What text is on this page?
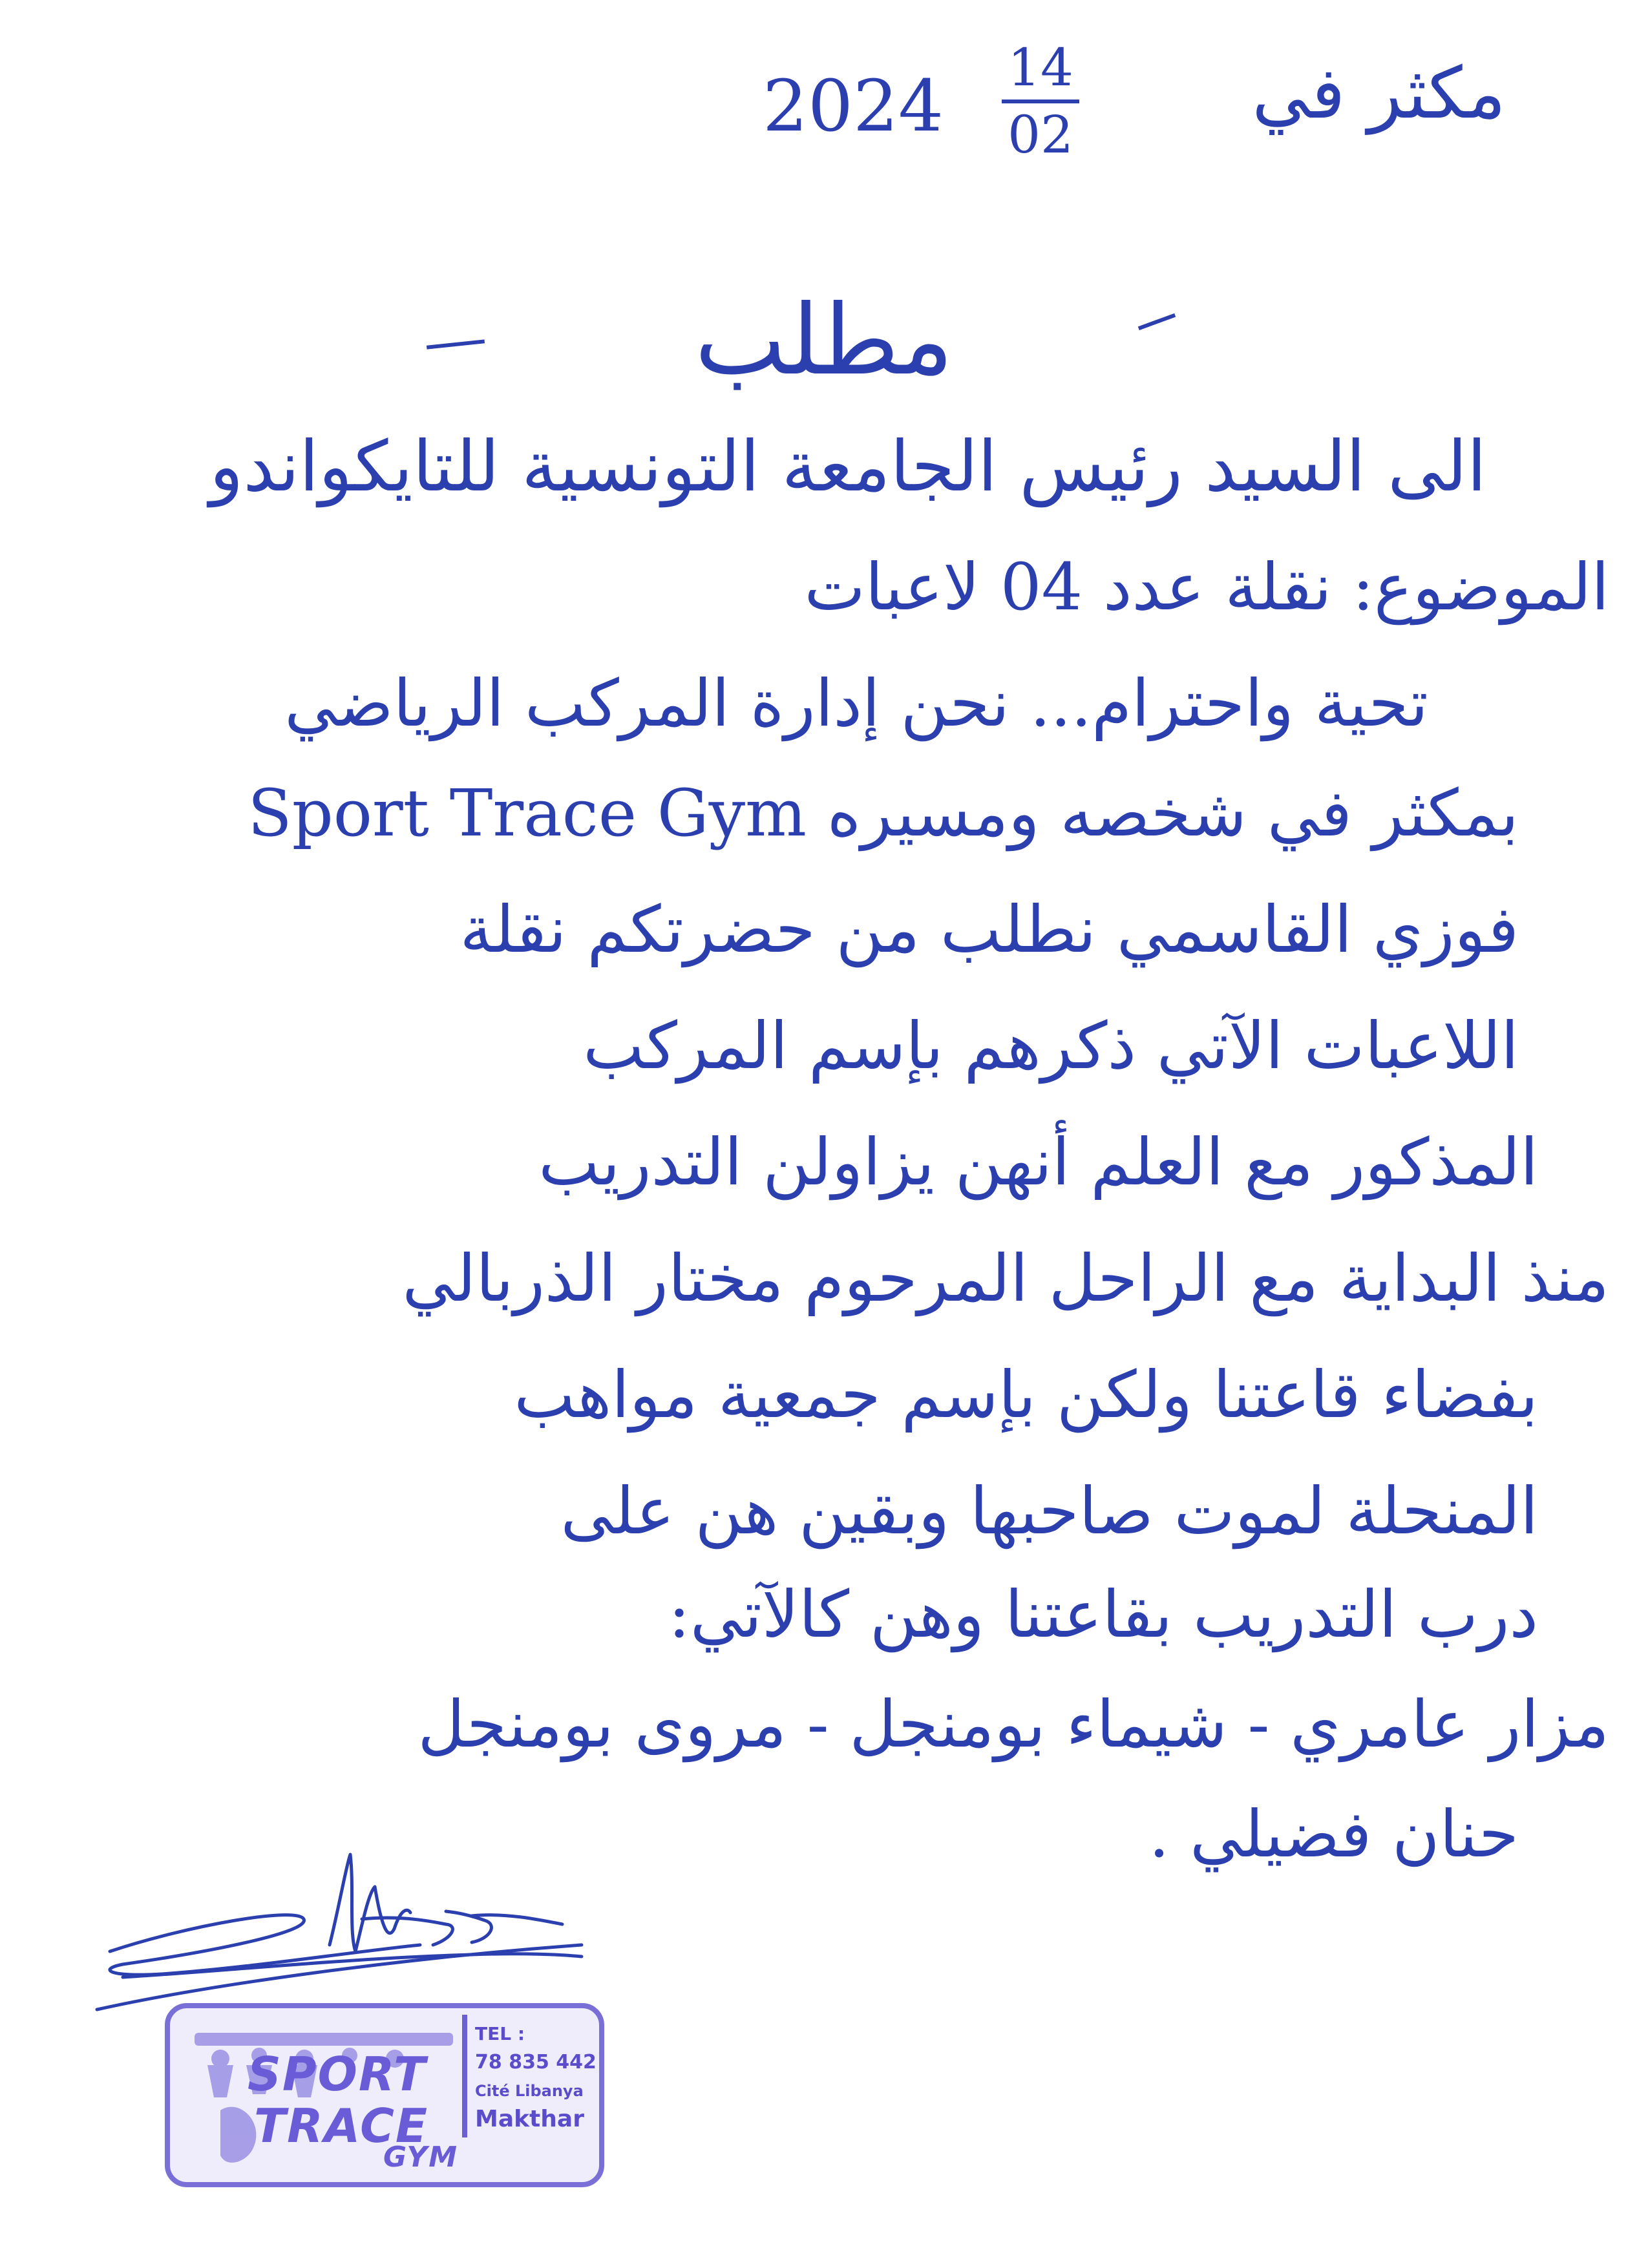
مكثر في
14
02
2024
مطلب
الى السيد رئيس الجامعة التونسية للتايكواندو
الموضوع: نقلة عدد 04 لاعبات
تحية واحترام... نحن إدارة المركب الرياضي
Sport Trace Gym بمكثر في شخصه ومسيره
فوزي القاسمي نطلب من حضرتكم نقلة
اللاعبات الآتي ذكرهم بإسم المركب
المذكور مع العلم أنهن يزاولن التدريب
منذ البداية مع الراحل المرحوم مختار الذربالي
بفضاء قاعتنا ولكن بإسم جمعية مواهب
المنحلة لموت صاحبها وبقين هن على
درب التدريب بقاعتنا وهن كالآتي:
مزار عامري - شيماء بومنجل - مروى بومنجل
حنان فضيلي .
SPORT
TRACE
GYM
TEL :
78 835 442
Cité Libanya
Makthar
